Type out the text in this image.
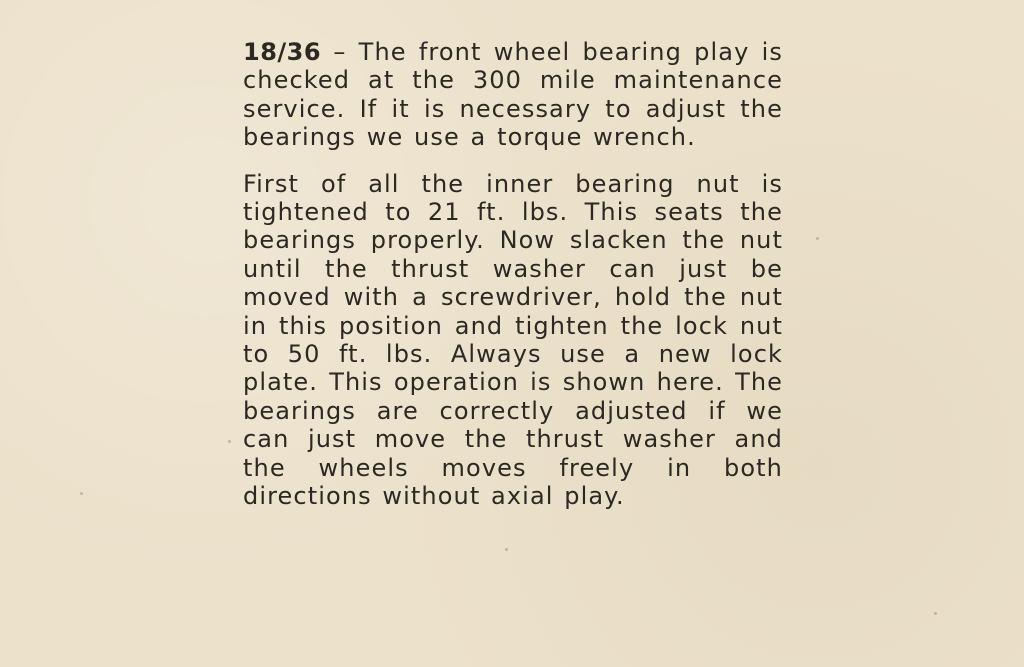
18/36 – The front wheel bearing play is checked at the 300 mile maintenance service. If it is necessary to adjust the bearings we use a torque wrench.

First of all the inner bearing nut is tightened to 21 ft. lbs. This seats the bearings properly. Now slacken the nut until the thrust washer can just be moved with a screwdriver, hold the nut in this position and tighten the lock nut to 50 ft. lbs. Always use a new lock plate. This operation is shown here. The bearings are correctly adjusted if we can just move the thrust washer and the wheels moves freely in both directions without axial play.
